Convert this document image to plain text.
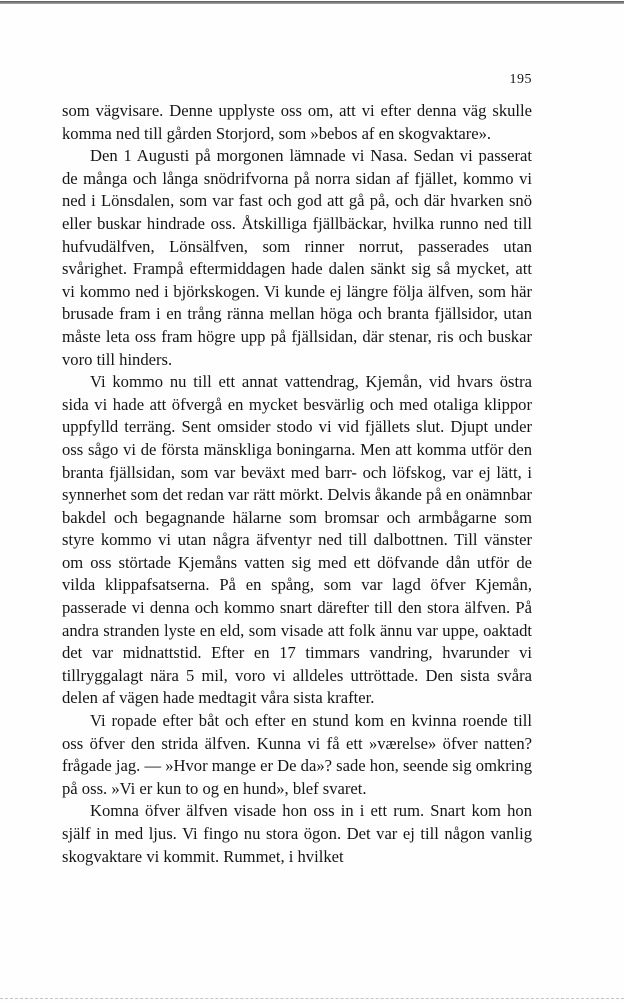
195

som vägvisare. Denne upplyste oss om, att vi efter denna väg skulle komma ned till gården Storjord, som »bebos af en skogvaktare».

Den 1 Augusti på morgonen lämnade vi Nasa. Sedan vi passerat de många och långa snödrifvorna på norra sidan af fjället, kommo vi ned i Lönsdalen, som var fast och god att gå på, och där hvarken snö eller buskar hindrade oss. Åtskilliga fjällbäckar, hvilka runno ned till hufvudälfven, Lönsälfven, som rinner norrut, passerades utan svårighet. Frampå eftermiddagen hade dalen sänkt sig så mycket, att vi kommo ned i björkskogen. Vi kunde ej längre följa älfven, som här brusade fram i en trång ränna mellan höga och branta fjällsidor, utan måste leta oss fram högre upp på fjällsidan, där stenar, ris och buskar voro till hinders.

Vi kommo nu till ett annat vattendrag, Kjemån, vid hvars östra sida vi hade att öfvergå en mycket besvärlig och med otaliga klippor uppfylld terräng. Sent omsider stodo vi vid fjällets slut. Djupt under oss sågo vi de första mänskliga boningarna. Men att komma utför den branta fjällsidan, som var beväxt med barr- och löfskog, var ej lätt, i synnerhet som det redan var rätt mörkt. Delvis åkande på en onämnbar bakdel och begagnande hälarne som bromsar och armbågarne som styre kommo vi utan några äfventyr ned till dalbottnen. Till vänster om oss störtade Kjemåns vatten sig med ett döfvande dån utför de vilda klippafsatserna. På en spång, som var lagd öfver Kjemån, passerade vi denna och kommo snart därefter till den stora älfven. På andra stranden lyste en eld, som visade att folk ännu var uppe, oaktadt det var midnattstid. Efter en 17 timmars vandring, hvarunder vi tillryggalagt nära 5 mil, voro vi alldeles uttröttade. Den sista svåra delen af vägen hade medtagit våra sista krafter.

Vi ropade efter båt och efter en stund kom en kvinna roende till oss öfver den strida älfven. Kunna vi få ett »værelse» öfver natten? frågade jag. — »Hvor mange er De da»? sade hon, seende sig omkring på oss. »Vi er kun to og en hund», blef svaret.

Komna öfver älfven visade hon oss in i ett rum. Snart kom hon själf in med ljus. Vi fingo nu stora ögon. Det var ej till någon vanlig skogvaktare vi kommit. Rummet, i hvilket
